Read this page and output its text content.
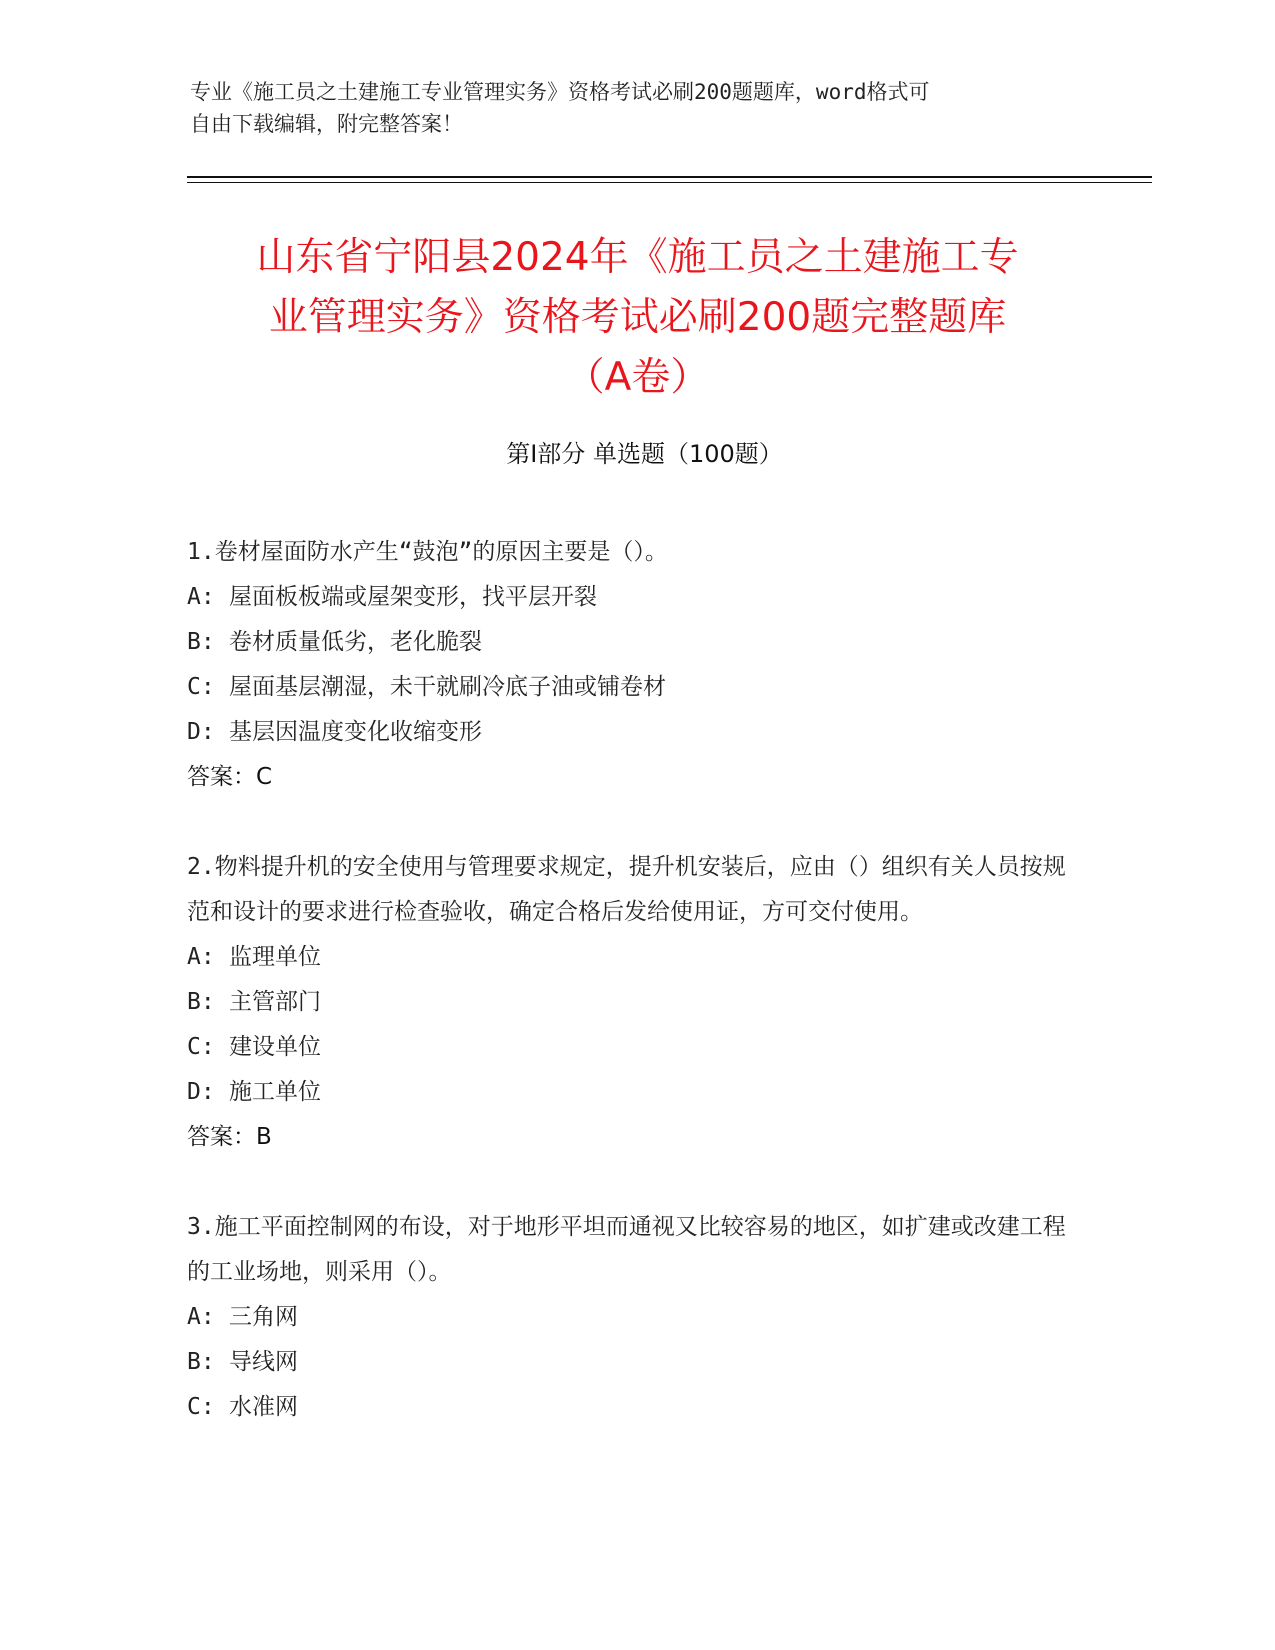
专业《施工员之土建施工专业管理实务》资格考试必刷200题题库，word格式可
自由下载编辑，附完整答案！
山东省宁阳县2024年《施工员之土建施工专
业管理实务》资格考试必刷200题完整题库
（A卷）
第Ⅰ部分 单选题（100题）
1.卷材屋面防水产生“鼓泡”的原因主要是（）。
A: 屋面板板端或屋架变形，找平层开裂
B: 卷材质量低劣，老化脆裂
C: 屋面基层潮湿，未干就刷冷底子油或铺卷材
D: 基层因温度变化收缩变形
答案：C
2.物料提升机的安全使用与管理要求规定，提升机安装后，应由（）组织有关人员按规范和设计的要求进行检查验收，确定合格后发给使用证，方可交付使用。
A: 监理单位
B: 主管部门
C: 建设单位
D: 施工单位
答案：B
3.施工平面控制网的布设，对于地形平坦而通视又比较容易的地区，如扩建或改建工程的工业场地，则采用（）。
A: 三角网
B: 导线网
C: 水准网
